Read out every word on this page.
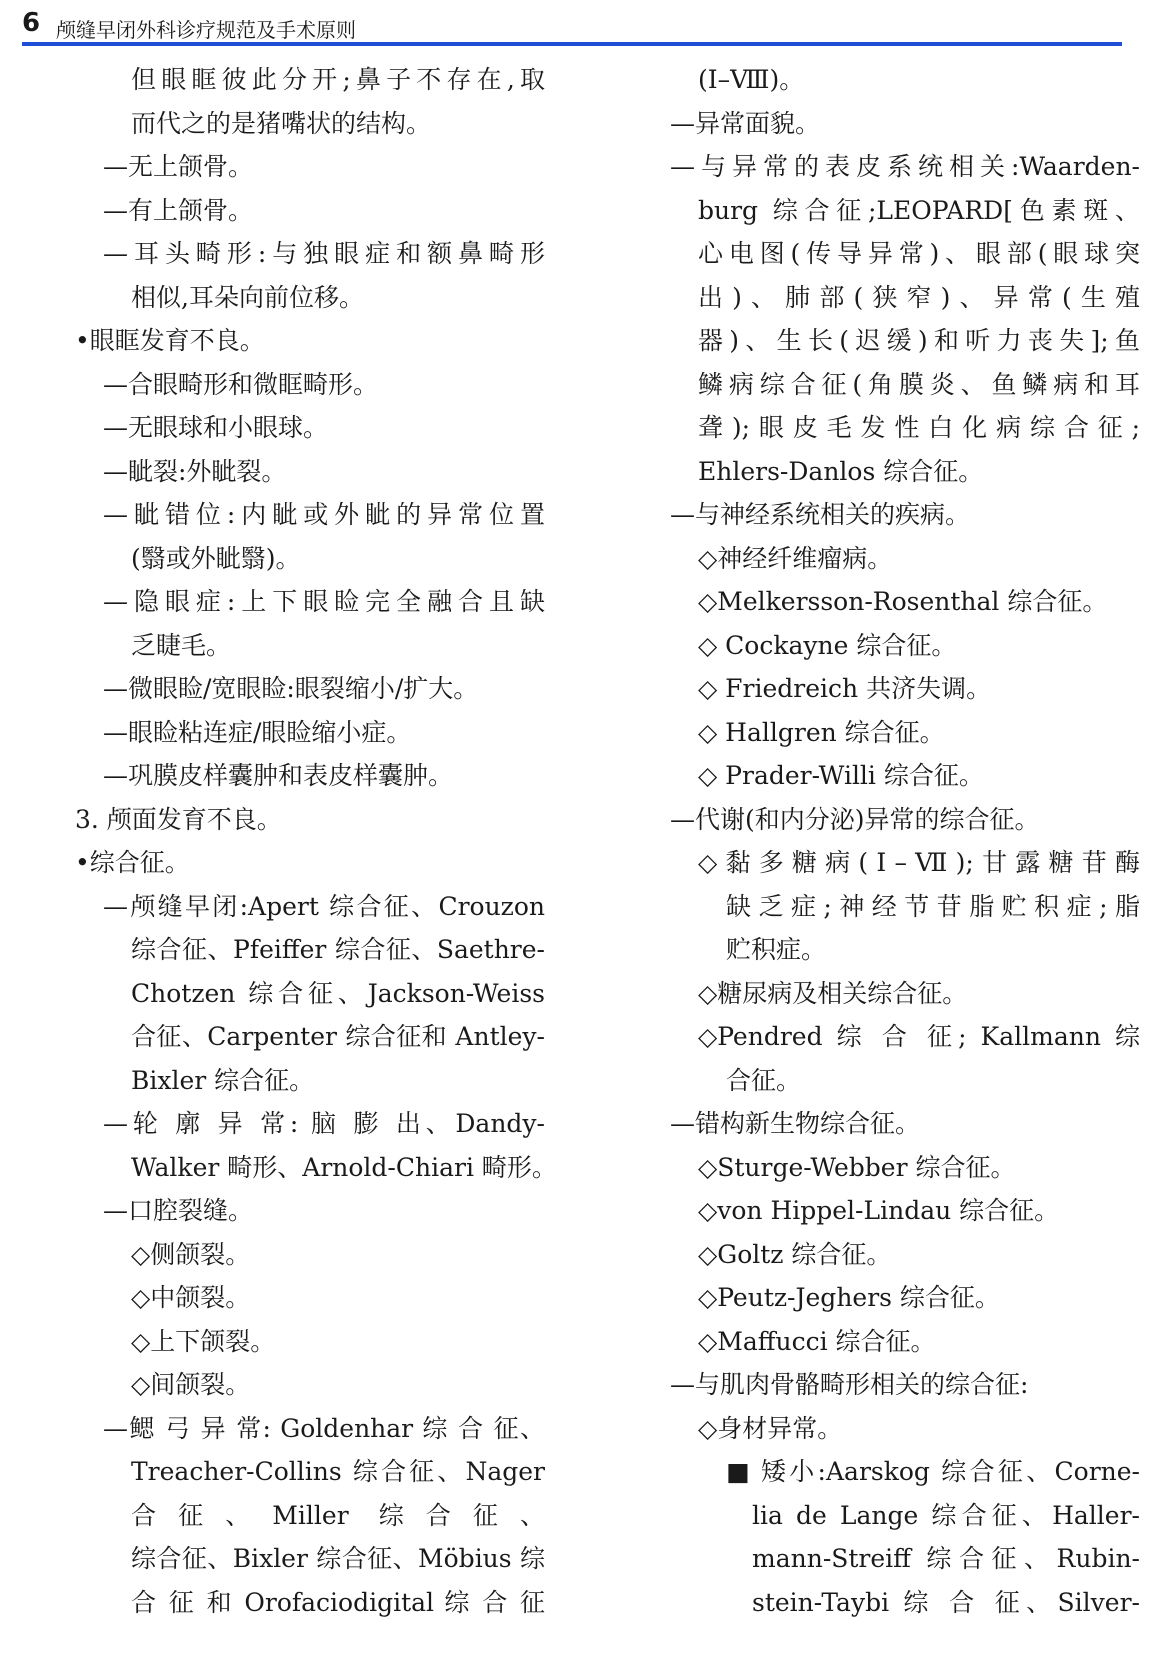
6 颅缝早闭外科诊疗规范及手术原则
但眼眶彼此分开;鼻子不存在,取
而代之的是猪嘴状的结构。
—无上颌骨。
—有上颌骨。
—耳头畸形:与独眼症和额鼻畸形
相似,耳朵向前位移。
•眼眶发育不良。
—合眼畸形和微眶畸形。
—无眼球和小眼球。
—眦裂:外眦裂。
—眦错位:内眦或外眦的异常位置
(翳或外眦翳)。
—隐眼症:上下眼睑完全融合且缺
乏睫毛。
—微眼睑/宽眼睑:眼裂缩小/扩大。
—眼睑粘连症/眼睑缩小症。
—巩膜皮样囊肿和表皮样囊肿。
3. 颅面发育不良。
•综合征。
—颅缝早闭:Apert 综合征、Crouzon
综合征、Pfeiffer 综合征、Saethre-
Chotzen 综合征、Jackson-Weiss
合征、Carpenter 综合征和 Antley-
Bixler 综合征。
—轮 廓 异 常: 脑 膨 出、Dandy-
Walker 畸形、Arnold-Chiari 畸形。
—口腔裂缝。
◇侧颌裂。
◇中颌裂。
◇上下颌裂。
◇间颌裂。
—鳃 弓 异 常: Goldenhar 综 合 征、
Treacher-Collins 综合征、Nager
合征、Miller 综合征、
综合征、Bixler 综合征、Möbius 综
合 征 和 Orofaciodigital 综 合 征
(Ⅰ–Ⅷ)。
—异常面貌。
—与异常的表皮系统相关:Waarden-
burg 综合征;LEOPARD[色素斑、
心电图(传导异常)、眼部(眼球突
出)、肺部(狭窄)、异常(生殖
器)、生长(迟缓)和听力丧失];鱼
鳞病综合征(角膜炎、鱼鳞病和耳
聋);眼皮毛发性白化病综合征;
Ehlers-Danlos 综合征。
—与神经系统相关的疾病。
◇神经纤维瘤病。
◇Melkersson-Rosenthal 综合征。
◇ Cockayne 综合征。
◇ Friedreich 共济失调。
◇ Hallgren 综合征。
◇ Prader-Willi 综合征。
—代谢(和内分泌)异常的综合征。
◇黏多糖病(Ⅰ–Ⅶ);甘露糖苷酶
缺乏症;神经节苷脂贮积症;脂
贮积症。
◇糖尿病及相关综合征。
◇Pendred 综 合 征; Kallmann 综
合征。
—错构新生物综合征。
◇Sturge-Webber 综合征。
◇von Hippel-Lindau 综合征。
◇Goltz 综合征。
◇Peutz-Jeghers 综合征。
◇Maffucci 综合征。
—与肌肉骨骼畸形相关的综合征:
◇身材异常。
■ 矮小:Aarskog 综合征、Corne-
lia de Lange 综合征、Haller-
mann-Streiff 综合征、Rubin-
stein-Taybi 综 合 征、Silver-
